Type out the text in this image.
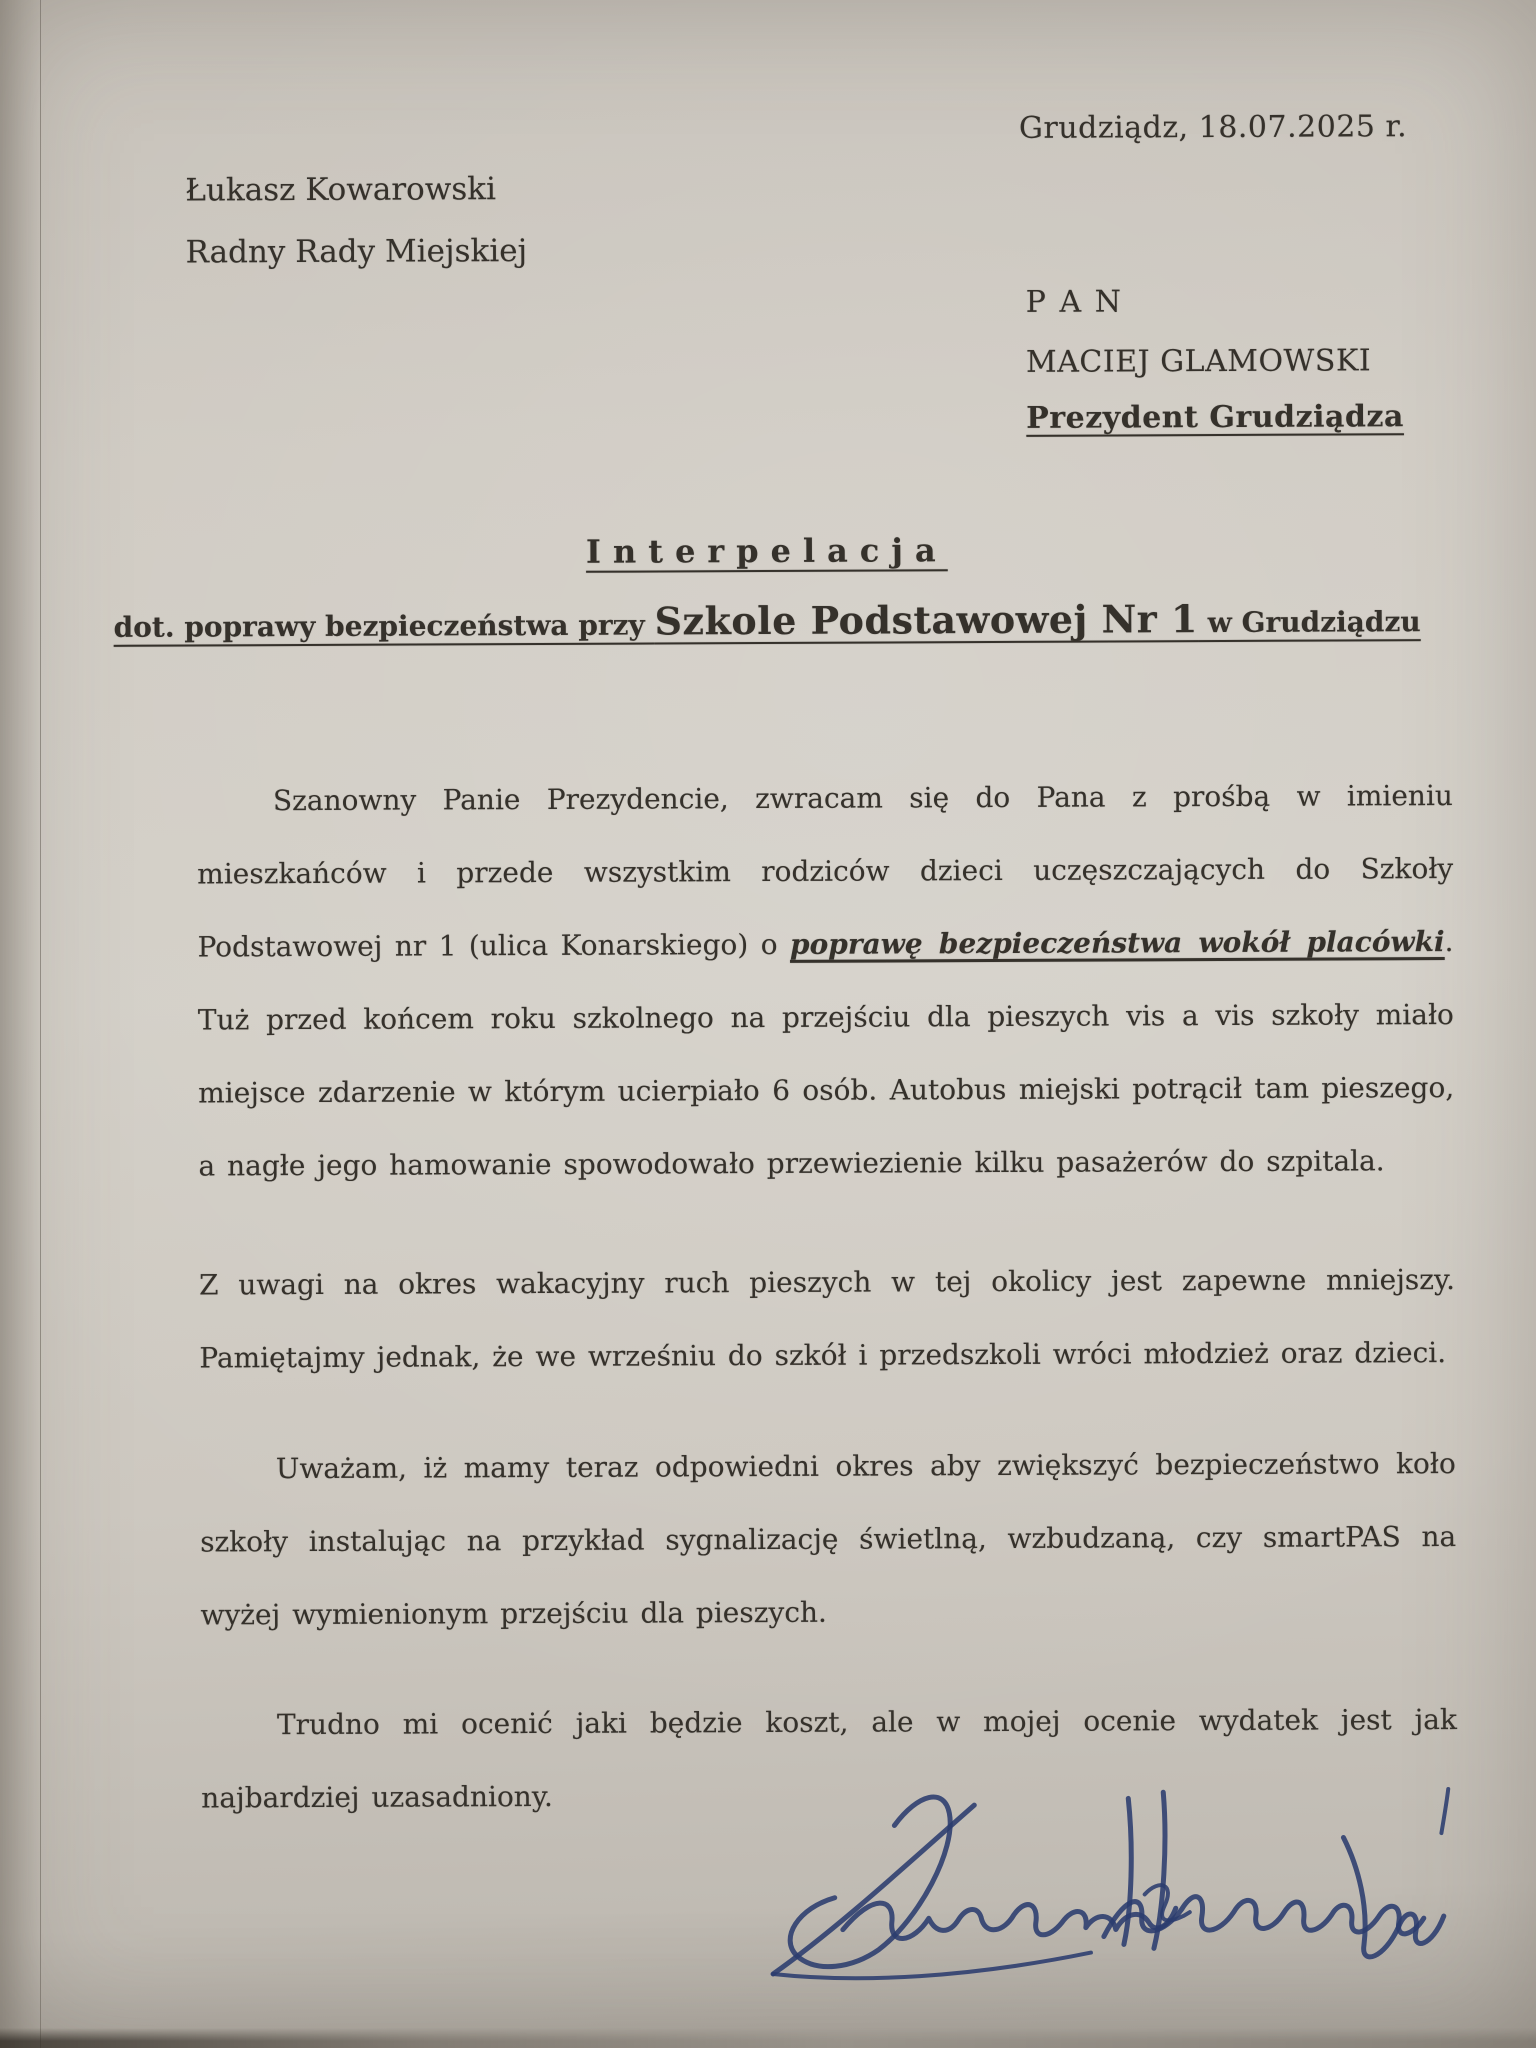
Grudziądz, 18.07.2025 r.
Łukasz Kowarowski
Radny Rady Miejskiej
P A N
MACIEJ GLAMOWSKI
Prezydent Grudziądza
Interpelacja
dot. poprawy bezpieczeństwa przy Szkole Podstawowej Nr 1 w Grudziądzu
Szanowny Panie Prezydencie, zwracam się do Pana z prośbą w imieniu mieszkańców i przede wszystkim rodziców dzieci uczęszczających do Szkoły Podstawowej nr 1 (ulica Konarskiego) o poprawę bezpieczeństwa wokół placówki. Tuż przed końcem roku szkolnego na przejściu dla pieszych vis a vis szkoły miało miejsce zdarzenie w którym ucierpiało 6 osób. Autobus miejski potrącił tam pieszego, a nagłe jego hamowanie spowodowało przewiezienie kilku pasażerów do szpitala.
Z uwagi na okres wakacyjny ruch pieszych w tej okolicy jest zapewne mniejszy. Pamiętajmy jednak, że we wrześniu do szkół i przedszkoli wróci młodzież oraz dzieci.
Uważam, iż mamy teraz odpowiedni okres aby zwiększyć bezpieczeństwo koło szkoły instalując na przykład sygnalizację świetlną, wzbudzaną, czy smartPAS na wyżej wymienionym przejściu dla pieszych.
Trudno mi ocenić jaki będzie koszt, ale w mojej ocenie wydatek jest jak najbardziej uzasadniony.
